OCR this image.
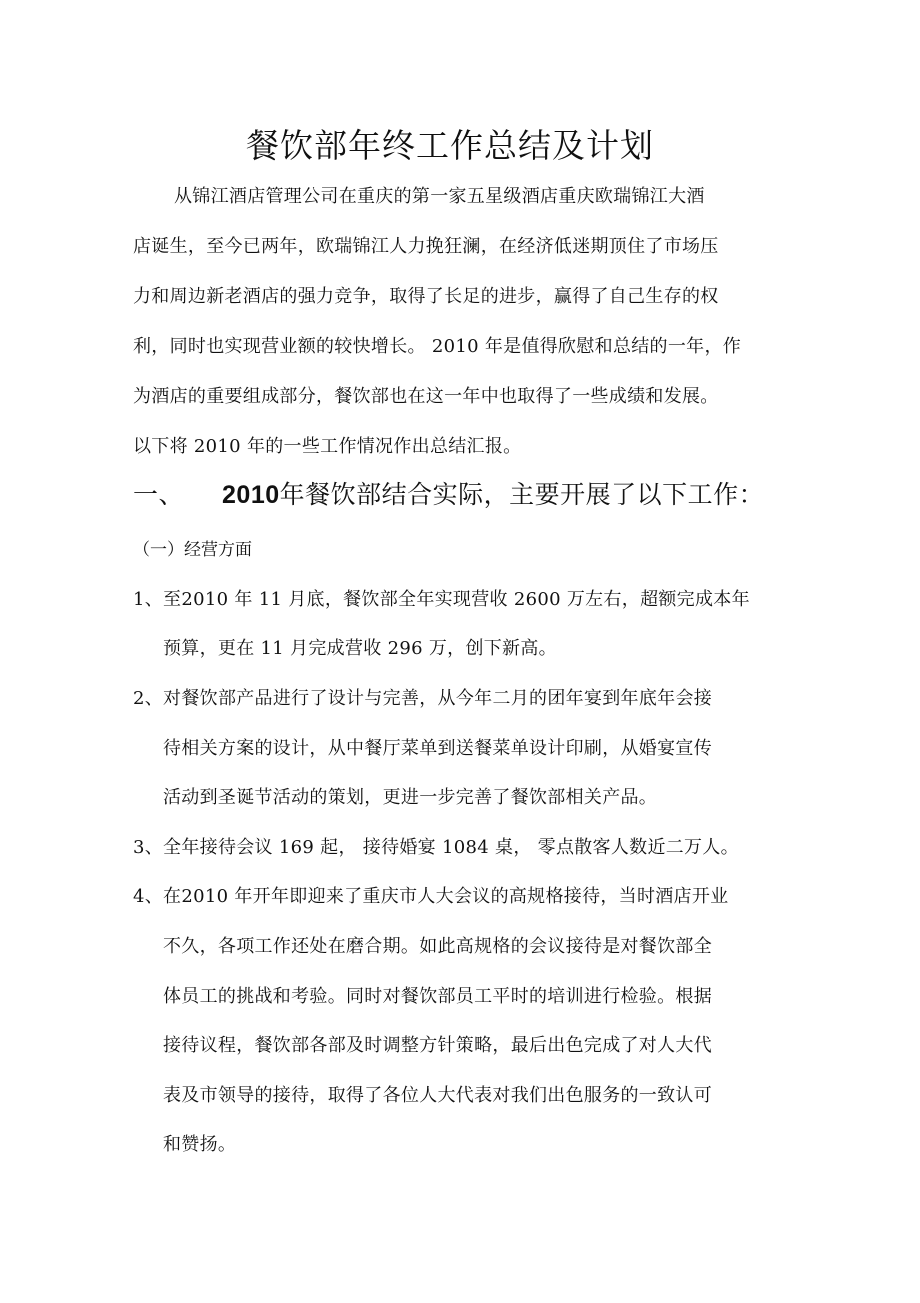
餐饮部年终工作总结及计划
从锦江酒店管理公司在重庆的第一家五星级酒店重庆欧瑞锦江大酒
店诞生，至今已两年，欧瑞锦江人力挽狂澜，在经济低迷期顶住了市场压
力和周边新老酒店的强力竞争，取得了长足的进步，赢得了自己生存的权
利，同时也实现营业额的较快增长。 2010 年是值得欣慰和总结的一年，作
为酒店的重要组成部分，餐饮部也在这一年中也取得了一些成绩和发展。
以下将 2010 年的一些工作情况作出总结汇报。
一、 2010年餐饮部结合实际，主要开展了以下工作：
（一）经营方面
1、至2010 年 11 月底，餐饮部全年实现营收 2600 万左右，超额完成本年
预算，更在 11 月完成营收 296 万，创下新高。
2、对餐饮部产品进行了设计与完善，从今年二月的团年宴到年底年会接
待相关方案的设计，从中餐厅菜单到送餐菜单设计印刷，从婚宴宣传
活动到圣诞节活动的策划，更进一步完善了餐饮部相关产品。
3、全年接待会议 169 起， 接待婚宴 1084 桌， 零点散客人数近二万人。
4、在2010 年开年即迎来了重庆市人大会议的高规格接待，当时酒店开业
不久，各项工作还处在磨合期。如此高规格的会议接待是对餐饮部全
体员工的挑战和考验。同时对餐饮部员工平时的培训进行检验。根据
接待议程，餐饮部各部及时调整方针策略，最后出色完成了对人大代
表及市领导的接待，取得了各位人大代表对我们出色服务的一致认可
和赞扬。
